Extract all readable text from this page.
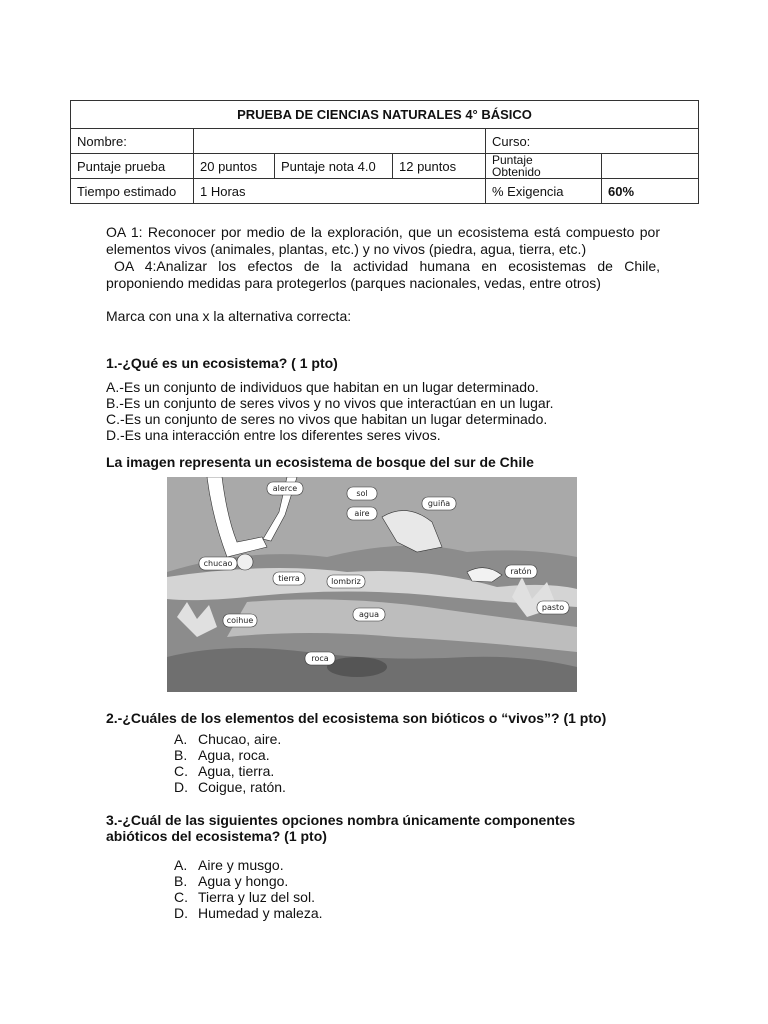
PRUEBA DE CIENCIAS NATURALES 4° BÁSICO					
Nombre:				Curso:	
Puntaje prueba	20 puntos	Puntaje nota 4.0	12 puntos	Puntaje
Obtenido	

Tiempo estimado	1 Horas			% Exigencia	60%

OA 1: Reconocer por medio de la exploración, que un ecosistema está compuesto por elementos vivos (animales, plantas, etc.) y no vivos (piedra, agua, tierra, etc.)

OA 4:Analizar los efectos de la actividad humana en ecosistemas de Chile, proponiendo medidas para protegerlos (parques nacionales, vedas, entre otros)

Marca con una x la alternativa correcta:
1.-¿Qué es un ecosistema? ( 1 pto)
A.-Es un conjunto de individuos que habitan en un lugar determinado.
B.-Es un conjunto de seres vivos y no vivos que interactúan en un lugar.
C.-Es un conjunto de seres no vivos que habitan un lugar determinado.
D.-Es una interacción entre los diferentes seres vivos.
La imagen representa un ecosistema de bosque del sur de Chile
alerce
sol
aire
guiña
chucao
tierra	lombriz
ratón
agua
pasto
coihue
roca
2.-¿Cuáles de los elementos del ecosistema son bióticos o “vivos”? (1 pto)
A. Chucao, aire.
B. Agua, roca.
C. Agua, tierra.
D. Coigue, ratón.
3.-¿Cuál de las siguientes opciones nombra únicamente componentes
abióticos del ecosistema? (1 pto)
A. Aire y musgo.
B. Agua y hongo.
C. Tierra y luz del sol.
D. Humedad y maleza.
